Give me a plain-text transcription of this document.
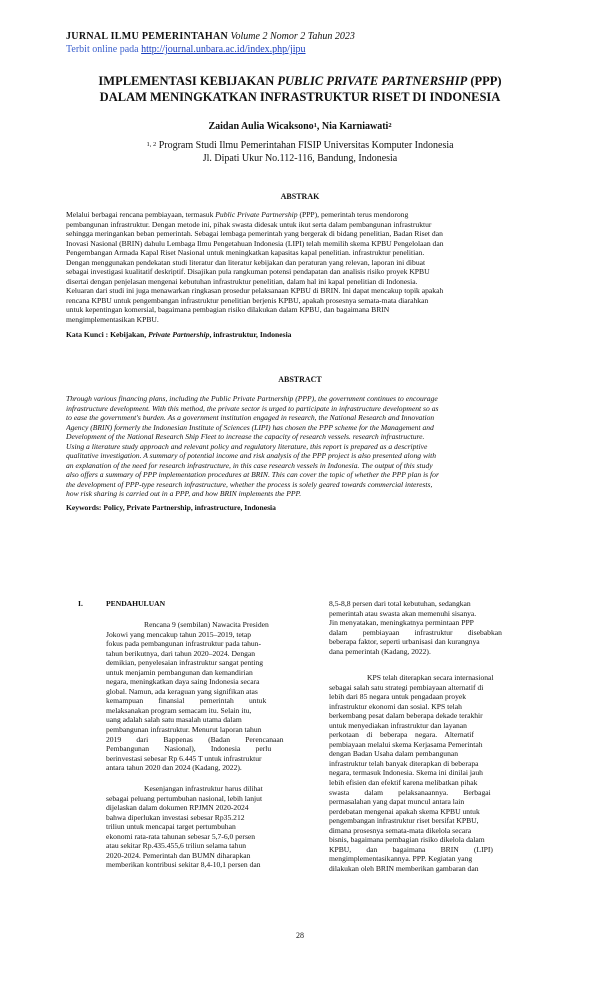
JURNAL ILMU PEMERINTAHAN Volume 2 Nomor 2 Tahun 2023
Terbit online pada http://journal.unbara.ac.id/index.php/jipu
IMPLEMENTASI KEBIJAKAN PUBLIC PRIVATE PARTNERSHIP (PPP)
DALAM MENINGKATKAN INFRASTRUKTUR RISET DI INDONESIA
Zaidan Aulia Wicaksono$^1$, Nia Karniawati$^2$
$^{1, 2}$ Program Studi Ilmu Pemerintahan FISIP Universitas Komputer Indonesia
Jl. Dipati Ukur No.112-116, Bandung, Indonesia
ABSTRAK
Melalui berbagai rencana pembiayaan, termasuk Public Private Partnership (PPP), pemerintah terus mendorong
pembangunan infrastruktur. Dengan metode ini, pihak swasta didesak untuk ikut serta dalam pembangunan infrastruktur
sehingga meringankan beban pemerintah. Sebagai lembaga pemerintah yang bergerak di bidang penelitian, Badan Riset dan
Inovasi Nasional (BRIN) dahulu Lembaga Ilmu Pengetahuan Indonesia (LIPI) telah memilih skema KPBU Pengelolaan dan
Pengembangan Armada Kapal Riset Nasional untuk meningkatkan kapasitas kapal penelitian. infrastruktur penelitian.
Dengan menggunakan pendekatan studi literatur dan literatur kebijakan dan peraturan yang relevan, laporan ini dibuat
sebagai investigasi kualitatif deskriptif. Disajikan pula rangkuman potensi pendapatan dan analisis risiko proyek KPBU
disertai dengan penjelasan mengenai kebutuhan infrastruktur penelitian, dalam hal ini kapal penelitian di Indonesia.
Keluaran dari studi ini juga menawarkan ringkasan prosedur pelaksanaan KPBU di BRIN. Ini dapat mencakup topik apakah
rencana KPBU untuk pengembangan infrastruktur penelitian berjenis KPBU, apakah prosesnya semata-mata diarahkan
untuk kepentingan komersial, bagaimana pembagian risiko dilakukan dalam KPBU, dan bagaimana BRIN
mengimplementasikan KPBU.
Kata Kunci : Kebijakan, Private Partnership, infrastruktur, Indonesia
ABSTRACT
Through various financing plans, including the Public Private Partnership (PPP), the government continues to encourage
infrastructure development. With this method, the private sector is urged to participate in infrastructure development so as
to ease the government's burden. As a government institution engaged in research, the National Research and Innovation
Agency (BRIN) formerly the Indonesian Institute of Sciences (LIPI) has chosen the PPP scheme for the Management and
Development of the National Research Ship Fleet to increase the capacity of research vessels. research infrastructure.
Using a literature study approach and relevant policy and regulatory literature, this report is prepared as a descriptive
qualitative investigation. A summary of potential income and risk analysis of the PPP project is also presented along with
an explanation of the need for research infrastructure, in this case research vessels in Indonesia. The output of this study
also offers a summary of PPP implementation procedures at BRIN. This can cover the topic of whether the PPP plan is for
the development of PPP-type research infrastructure, whether the process is solely geared towards commercial interests,
how risk sharing is carried out in a PPP, and how BRIN implements the PPP.
Keywords: Policy, Private Partnership, infrastructure, Indonesia
I.	PENDAHULUAN
Rencana 9 (sembilan) Nawacita Presiden
Jokowi yang mencakup tahun 2015–2019, tetap
fokus pada pembangunan infrastruktur pada tahun-
tahun berikutnya, dari tahun 2020–2024. Dengan
demikian, penyelesaian infrastruktur sangat penting
untuk menjamin pembangunan dan kemandirian
negara, meningkatkan daya saing Indonesia secara
global. Namun, ada keraguan yang signifikan atas
kemampuan        finansial        pemerintah        untuk
melaksanakan program semacam itu. Selain itu,
uang adalah salah satu masalah utama dalam
pembangunan infrastruktur. Menurut laporan tahun
2019        dari        Bappenas        (Badan        Perencanaan
Pembangunan        Nasional),        Indonesia        perlu
berinvestasi sebesar Rp 6.445 T untuk infrastruktur
antara tahun 2020 dan 2024 (Kadang, 2022).
Kesenjangan infrastruktur harus dilihat
sebagai peluang pertumbuhan nasional, lebih lanjut
dijelaskan dalam dokumen RPJMN 2020-2024
bahwa diperlukan investasi sebesar Rp35.212
triliun untuk mencapai target pertumbuhan
ekonomi rata-rata tahunan sebesar 5,7-6,0 persen
atau sekitar Rp.435.455,6 triliun selama tahun
2020-2024. Pemerintah dan BUMN diharapkan
memberikan kontribusi sekitar 8,4-10,1 persen dan
8,5-8,8 persen dari total kebutuhan, sedangkan
pemerintah atau swasta akan memenuhi sisanya.
Jin menyatakan, meningkatnya permintaan PPP
dalam        pembiayaan        infrastruktur        disebabkan
beberapa faktor, seperti urbanisasi dan kurangnya
dana pemerintah (Kadang, 2022).
KPS telah diterapkan secara internasional
sebagai salah satu strategi pembiayaan alternatif di
lebih dari 85 negara untuk pengadaan proyek
infrastruktur ekonomi dan sosial. KPS telah
berkembang pesat dalam beberapa dekade terakhir
untuk menyediakan infrastruktur dan layanan
perkotaan    di    beberapa    negara.    Alternatif
pembiayaan melalui skema Kerjasama Pemerintah
dengan Badan Usaha dalam pembangunan
infrastruktur telah banyak diterapkan di beberapa
negara, termasuk Indonesia. Skema ini dinilai jauh
lebih efisien dan efektif karena melibatkan pihak
swasta        dalam        pelaksanaannya.        Berbagai
permasalahan yang dapat muncul antara lain
perdebatan mengenai apakah skema KPBU untuk
pengembangan infrastruktur riset bersifat KPBU,
dimana prosesnya semata-mata dikelola secara
bisnis, bagaimana pembagian risiko dikelola dalam
KPBU,        dan        bagaimana        BRIN        (LIPI)
mengimplementasikannya. PPP. Kegiatan yang
dilakukan oleh BRIN memberikan gambaran dan
28
